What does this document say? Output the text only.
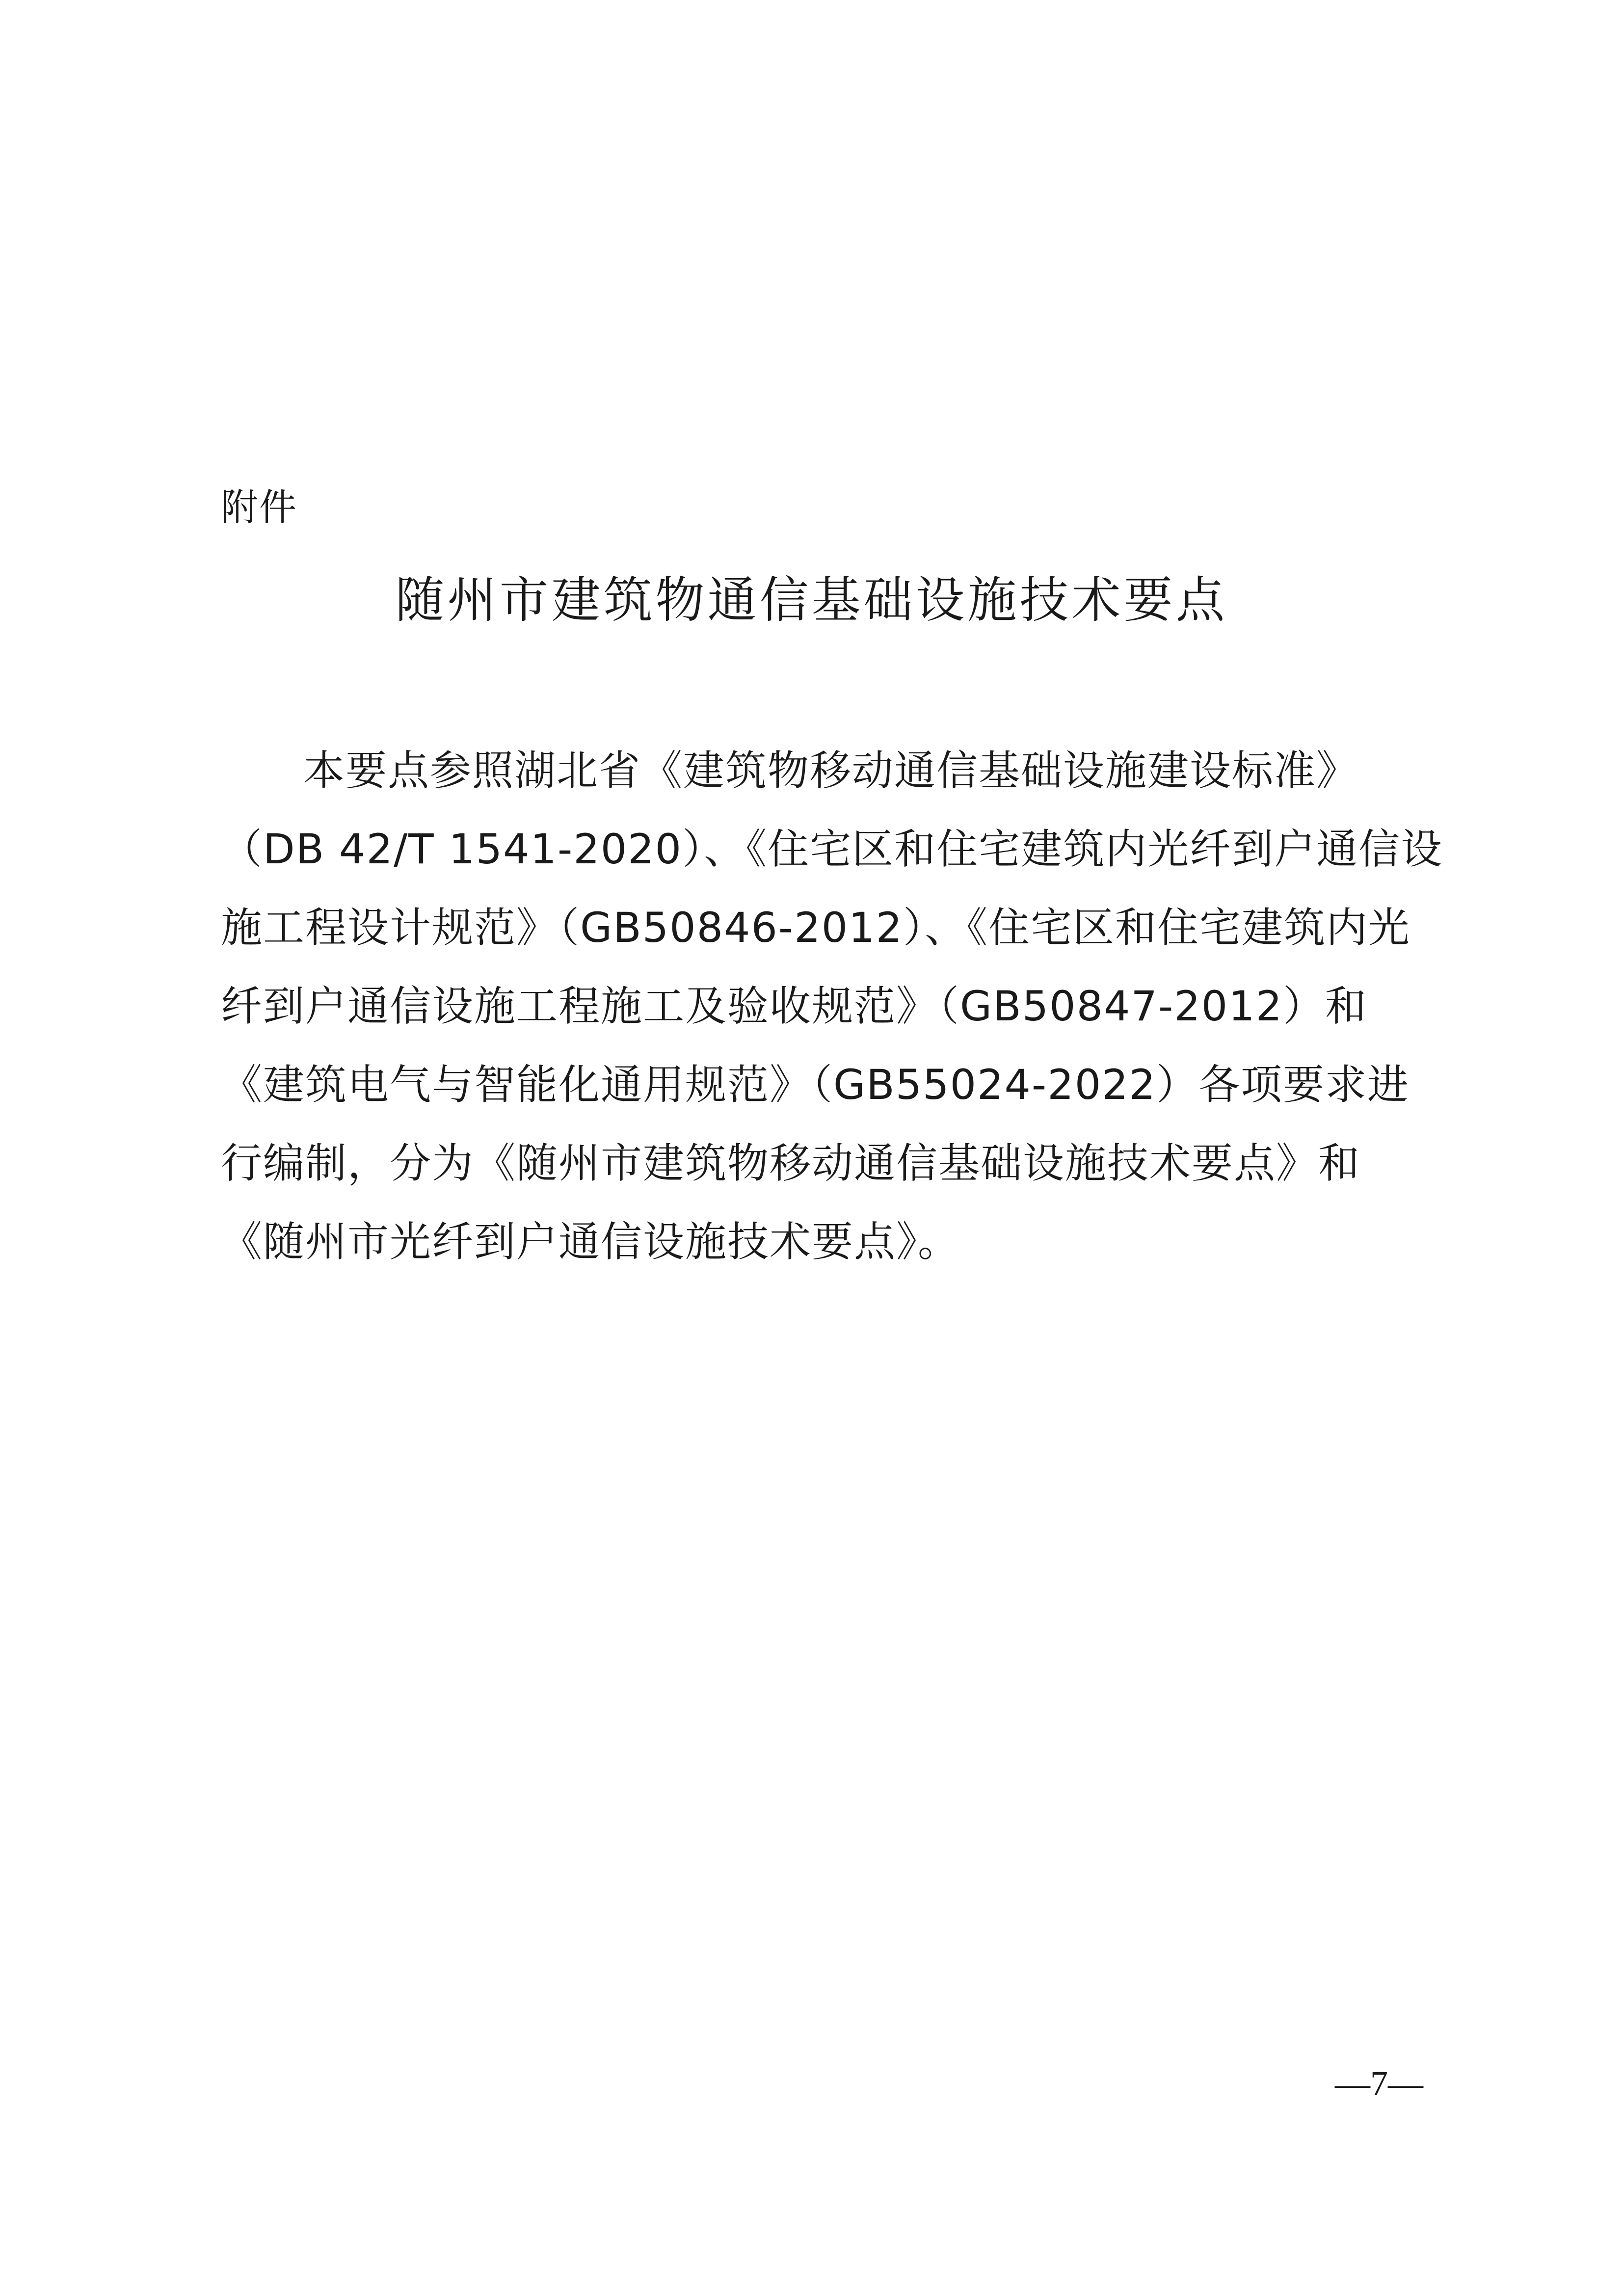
附件
随州市建筑物通信基础设施技术要点
本要点参照湖北省《建筑物移动通信基础设施建设标准》
（DB 42/T 1541-2020）、《住宅区和住宅建筑内光纤到户通信设
施工程设计规范》（GB50846-2012）、《住宅区和住宅建筑内光
纤到户通信设施工程施工及验收规范》（GB50847-2012）和
《建筑电气与智能化通用规范》（GB55024-2022）各项要求进
行编制，分为《随州市建筑物移动通信基础设施技术要点》和
《随州市光纤到户通信设施技术要点》。
—7—
